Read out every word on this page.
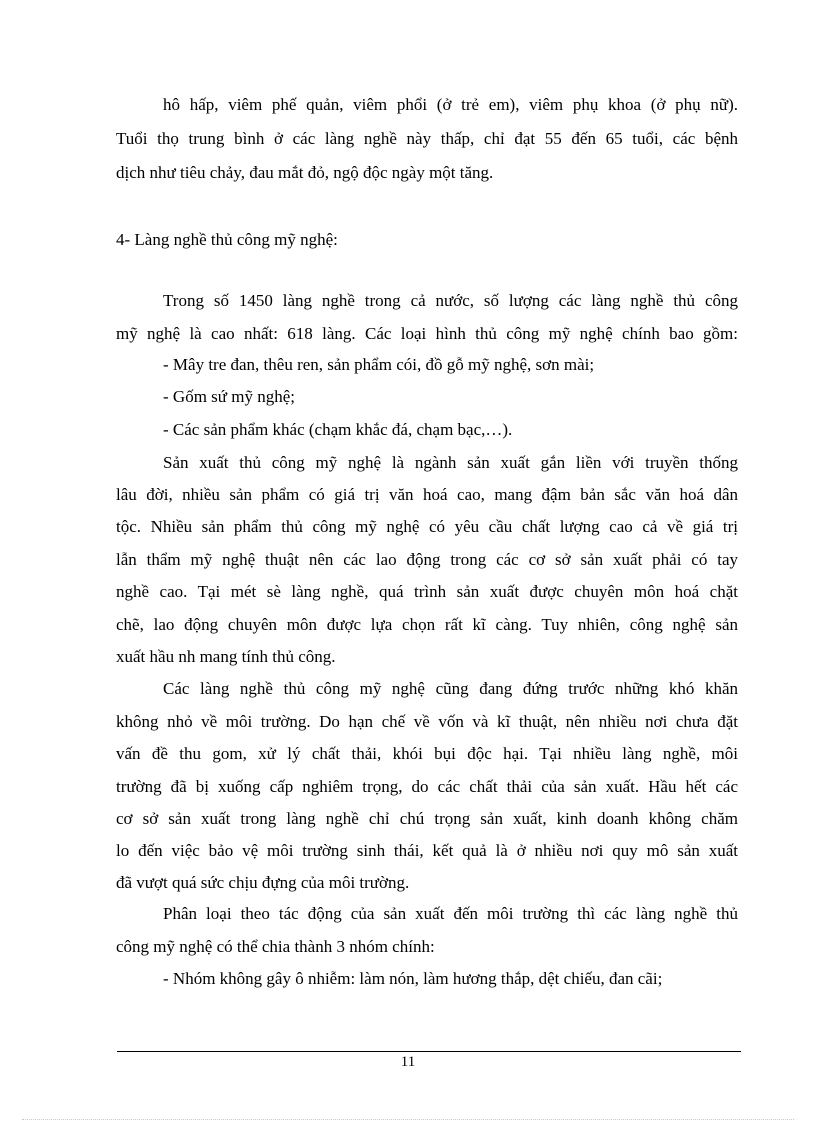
hô hấp, viêm phế quản, viêm phổi (ở trẻ em), viêm phụ khoa (ở phụ nữ).
Tuổi thọ trung bình ở các làng nghề này thấp, chỉ đạt 55 đến 65 tuổi, các bệnh
dịch như tiêu chảy, đau mắt đỏ, ngộ độc ngày một tăng.
4- Làng nghề thủ công mỹ nghệ:
Trong số 1450 làng nghề trong cả nước, số lượng các làng nghề thủ công
mỹ nghệ là cao nhất: 618 làng. Các loại hình thủ công mỹ nghệ chính bao gồm:
- Mây tre đan, thêu ren, sản phẩm cói, đồ gỗ mỹ nghệ, sơn mài;
- Gốm sứ mỹ nghệ;
- Các sản phẩm khác (chạm khắc đá, chạm bạc,…).
Sản xuất thủ công mỹ nghệ là ngành sản xuất gắn liền với truyền thống
lâu đời, nhiều sản phẩm có giá trị văn hoá cao, mang đậm bản sắc văn hoá dân
tộc. Nhiều sản phẩm thủ công mỹ nghệ có yêu cầu chất lượng cao cả về giá trị
lẫn thẩm mỹ nghệ thuật nên các lao động trong các cơ sở sản xuất phải có tay
nghề cao. Tại mét sè làng nghề, quá trình sản xuất được chuyên môn hoá chặt
chẽ, lao động chuyên môn được lựa chọn rất kĩ càng. Tuy nhiên, công nghệ sản
xuất hầu nh mang tính thủ công.
Các làng nghề thủ công mỹ nghệ cũng đang đứng trước những khó khăn
không nhỏ về môi trường. Do hạn chế về vốn và kĩ thuật, nên nhiều nơi chưa đặt
vấn đề thu gom, xử lý chất thải, khói bụi độc hại. Tại nhiều làng nghề, môi
trường đã bị xuống cấp nghiêm trọng, do các chất thải của sản xuất. Hầu hết các
cơ sở sản xuất trong làng nghề chỉ chú trọng sản xuất, kinh doanh không chăm
lo đến việc bảo vệ môi trường sinh thái, kết quả là ở nhiều nơi quy mô sản xuất
đã vượt quá sức chịu đựng của môi trường.
Phân loại theo tác động của sản xuất đến môi trường thì các làng nghề thủ
công mỹ nghệ có thể chia thành 3 nhóm chính:
- Nhóm không gây ô nhiễm: làm nón, làm hương thắp, dệt chiếu, đan cãi;
11
